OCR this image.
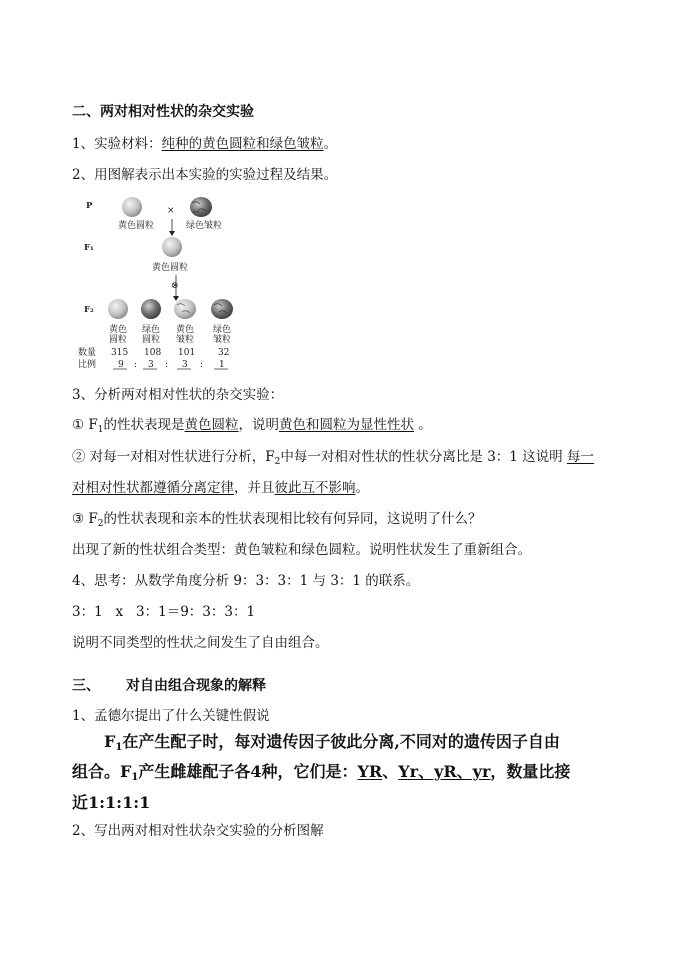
二、两对相对性状的杂交实验
1、实验材料：纯种的黄色圆粒和绿色皱粒。
2、用图解表示出本实验的实验过程及结果。
P
F₁
F₂
×
黄色圆粒	绿色皱粒
黄色圆粒
⊗
黄色
圆粒
绿色
圆粒
黄色
皱粒
绿色
皱粒
数量 315 108 101	32
比例 9 : 3 : 3 : 1
3、分析两对相对性状的杂交实验：
① $F_1$的性状表现是黄色圆粒，说明黄色和圆粒为显性性状 。
② 对每一对相对性状进行分析，$F_2$中每一对相对性状的性状分离比是 3：1 这说明 每一
对相对性状都遵循分离定律，并且彼此互不影响。
③ $F_2$的性状表现和亲本的性状表现相比较有何异同，这说明了什么？
出现了新的性状组合类型：黄色皱粒和绿色圆粒。说明性状发生了重新组合。
4、思考：从数学角度分析 9：3：3：1 与 3：1 的联系。
3：1   x   3：1＝9：3：3：1
说明不同类型的性状之间发生了自由组合。
三、 对自由组合现象的解释
1、孟德尔提出了什么关键性假说
$F_1$在产生配子时，每对遗传因子彼此分离,不同对的遗传因子自由
组合。$F_1$产生雌雄配子各4种，它们是：YR、Yr、yR、yr，数量比接
近1:1:1:1
2、写出两对相对性状杂交实验的分析图解
